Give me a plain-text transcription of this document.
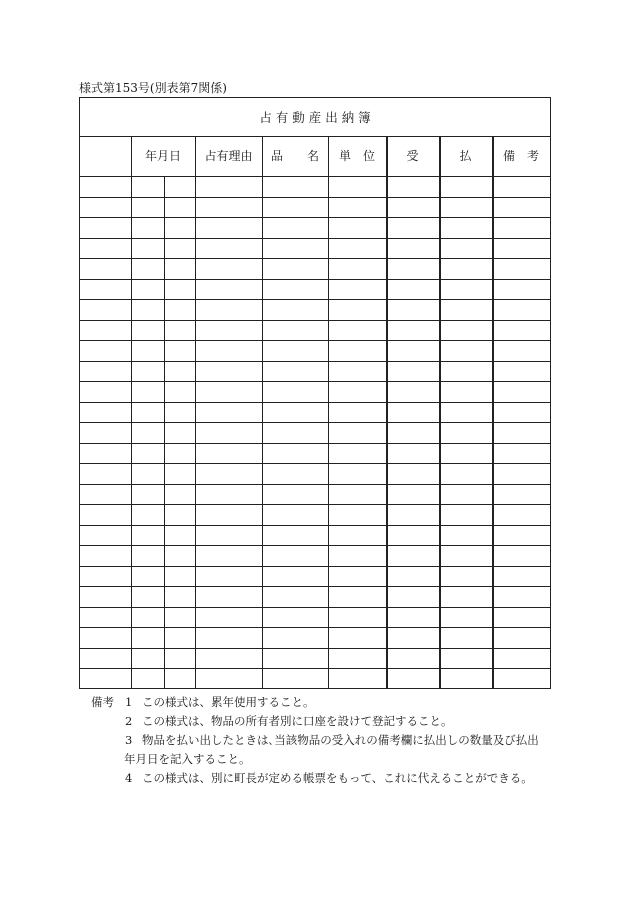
様式第153号(別表第7関係)
占 有 動 産 出 納 簿
年月日	占有理由	品　　名	単　位	受	払	備　考
備考 1 この様式は、累年使用すること。
2 この様式は、物品の所有者別に口座を設けて登記すること。
3 物品を払い出したときは､当該物品の受入れの備考欄に払出しの数量及び払出
年月日を記入すること。
4 この様式は、別に町長が定める帳票をもって、これに代えることができる。
